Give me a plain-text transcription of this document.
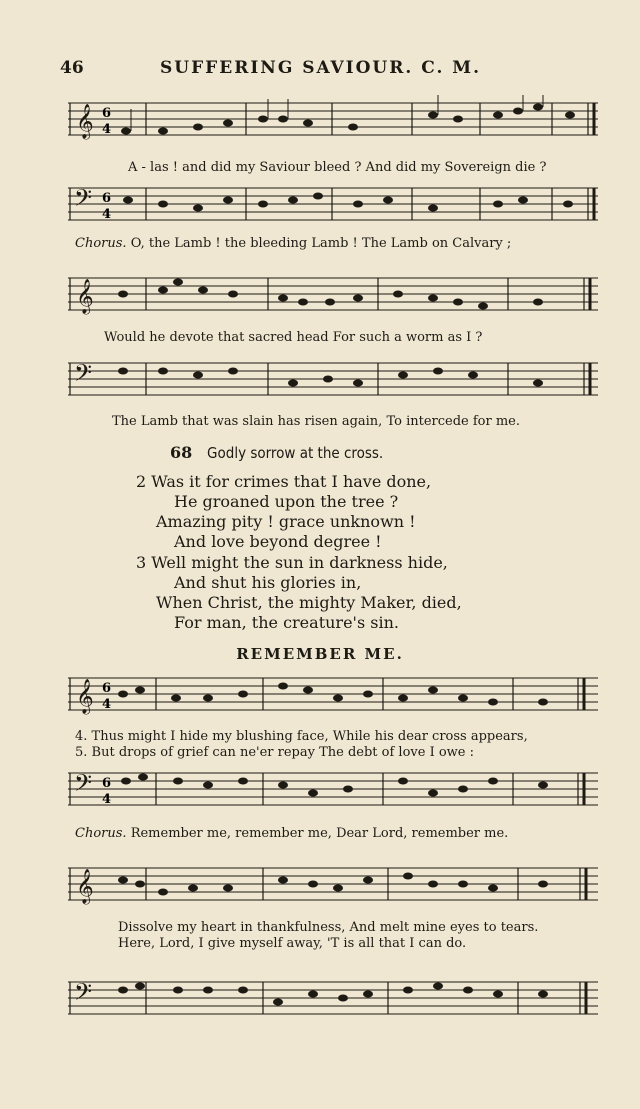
46	SUFFERING SAVIOUR. C. M.
𝄞 6
4
A - las ! and did my Saviour bleed ? And did my Sovereign die ?
𝄢 6
4
Chorus. O, the Lamb ! the bleeding Lamb ! The Lamb on Calvary ;
𝄞
Would he devote that sacred head For such a worm as I ?
𝄢
The Lamb that was slain has risen again, To intercede for me.
68 Godly sorrow at the cross.
2 Was it for crimes that I have done,
He groaned upon the tree ?
Amazing pity ! grace unknown !
And love beyond degree !
3 Well might the sun in darkness hide,
And shut his glories in,
When Christ, the mighty Maker, died,
For man, the creature's sin.
REMEMBER ME.
𝄞 6
4
4. Thus might I hide my blushing face, While his dear cross appears,
5. But drops of grief can ne'er repay The debt of love I owe :
𝄢 6
4
Chorus. Remember me, remember me, Dear Lord, remember me.
𝄞
Dissolve my heart in thankfulness, And melt mine eyes to tears.
Here, Lord, I give myself away, 'T is all that I can do.
𝄢
